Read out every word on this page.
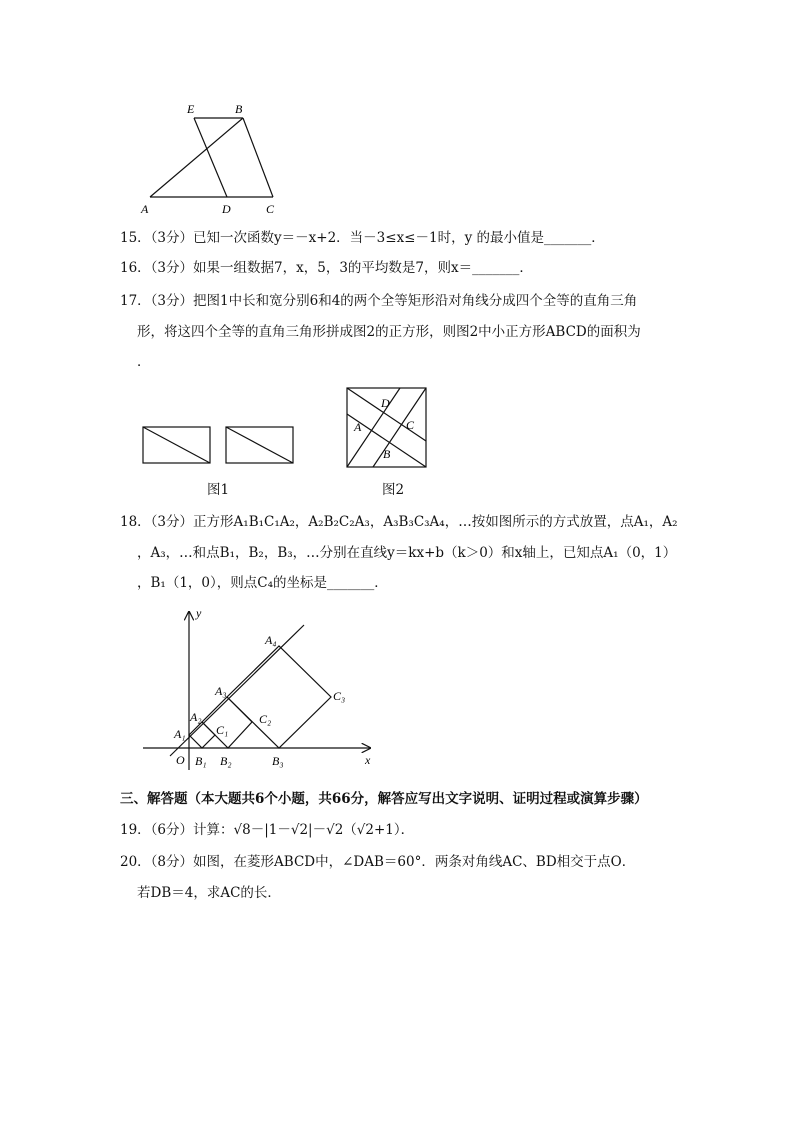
E	B
A	D	C
15．（3分）已知一次函数y＝－x+2．当－3≤x≤－1时，y 的最小值是_______．
16．（3分）如果一组数据7，x，5，3的平均数是7，则x＝_______．
17．（3分）把图1中长和宽分别6和4的两个全等矩形沿对角线分成四个全等的直角三角
形，将这四个全等的直角三角形拼成图2的正方形，则图2中小正方形ABCD的面积为
．
D
A	C
B
图1	图2
18．（3分）正方形A₁B₁C₁A₂，A₂B₂C₂A₃，A₃B₃C₃A₄，…按如图所示的方式放置，点A₁，A₂
，A₃，…和点B₁，B₂，B₃，…分别在直线y＝kx+b（k＞0）和x轴上，已知点A₁（0，1）
，B₁（1，0），则点C₄的坐标是_______．
y
x
O
A₁
A₂
A₃
A₄
B₁ B₂	B₃
C₁
C₂
C₃
三、解答题（本大题共6个小题，共66分，解答应写出文字说明、证明过程或演算步骤）
19．（6分）计算：√8－|1－√2|－√2（√2+1）．
20．（8分）如图，在菱形ABCD中，∠DAB＝60°．两条对角线AC、BD相交于点O．
若DB＝4，求AC的长．
